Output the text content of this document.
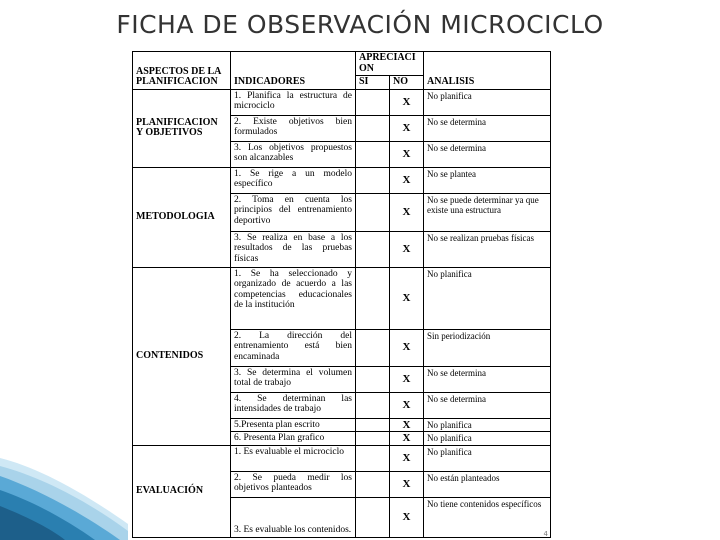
FICHA DE OBSERVACIÓN MICROCICLO
ASPECTOS DE LA PLANIFICACION	INDICADORES	APRECIACI ON		ANALISIS
		SI	NO	
PLANIFICACION Y OBJETIVOS	1. Planifica la estructura de microciclo		X	No planifica
	2. Existe objetivos bien formulados		X	No se determina
	3. Los objetivos propuestos son alcanzables		X	No se determina
METODOLOGIA	1. Se rige a un modelo específico		X	No se plantea
	2. Toma en cuenta los principios del entrenamiento deportivo		X	No se puede determinar ya que existe una estructura
	3. Se realiza en base a los resultados de las pruebas físicas		X	No se realizan pruebas físicas
CONTENIDOS	1. Se ha seleccionado y organizado de acuerdo a las competencias educacionales de la institución		X	No planifica
	2. La dirección del entrenamiento está bien encaminada		X	Sin periodización
	3. Se determina el volumen total de trabajo		X	No se determina
	4. Se determinan las intensidades de trabajo		X	No se determina
	5.Presenta plan escrito		X	No planifica
	6. Presenta Plan grafico		X	No planifica
EVALUACIÓN	1. Es evaluable el microciclo		X	No planifica
	2. Se pueda medir los objetivos planteados		X	No están planteados
	3. Es evaluable los contenidos.		X	No tiene contenidos específicos
4
